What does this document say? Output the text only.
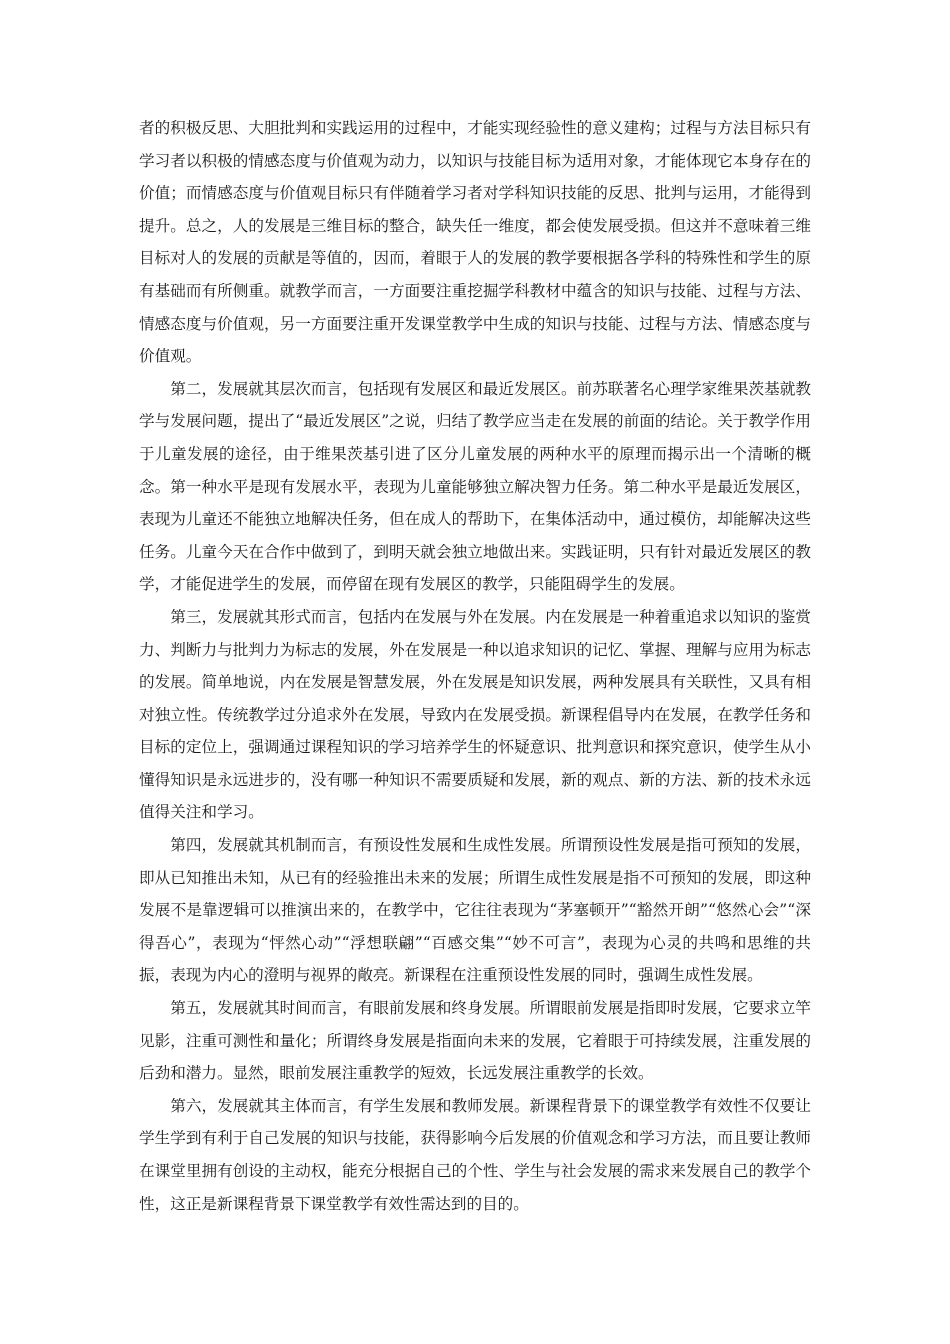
者的积极反思、大胆批判和实践运用的过程中，才能实现经验性的意义建构；过程与方法目标只有学习者以积极的情感态度与价值观为动力，以知识与技能目标为适用对象，才能体现它本身存在的价值；而情感态度与价值观目标只有伴随着学习者对学科知识技能的反思、批判与运用，才能得到提升。总之，人的发展是三维目标的整合，缺失任一维度，都会使发展受损。但这并不意味着三维目标对人的发展的贡献是等值的，因而，着眼于人的发展的教学要根据各学科的特殊性和学生的原有基础而有所侧重。就教学而言，一方面要注重挖掘学科教材中蕴含的知识与技能、过程与方法、情感态度与价值观，另一方面要注重开发课堂教学中生成的知识与技能、过程与方法、情感态度与价值观。

第二，发展就其层次而言，包括现有发展区和最近发展区。前苏联著名心理学家维果茨基就教学与发展问题，提出了“最近发展区”之说，归结了教学应当走在发展的前面的结论。关于教学作用于儿童发展的途径，由于维果茨基引进了区分儿童发展的两种水平的原理而揭示出一个清晰的概念。第一种水平是现有发展水平，表现为儿童能够独立解决智力任务。第二种水平是最近发展区，表现为儿童还不能独立地解决任务，但在成人的帮助下，在集体活动中，通过模仿，却能解决这些任务。儿童今天在合作中做到了，到明天就会独立地做出来。实践证明，只有针对最近发展区的教学，才能促进学生的发展，而停留在现有发展区的教学，只能阻碍学生的发展。

第三，发展就其形式而言，包括内在发展与外在发展。内在发展是一种着重追求以知识的鉴赏力、判断力与批判力为标志的发展，外在发展是一种以追求知识的记忆、掌握、理解与应用为标志的发展。简单地说，内在发展是智慧发展，外在发展是知识发展，两种发展具有关联性，又具有相对独立性。传统教学过分追求外在发展，导致内在发展受损。新课程倡导内在发展，在教学任务和目标的定位上，强调通过课程知识的学习培养学生的怀疑意识、批判意识和探究意识，使学生从小懂得知识是永远进步的，没有哪一种知识不需要质疑和发展，新的观点、新的方法、新的技术永远值得关注和学习。

第四，发展就其机制而言，有预设性发展和生成性发展。所谓预设性发展是指可预知的发展，即从已知推出未知，从已有的经验推出未来的发展；所谓生成性发展是指不可预知的发展，即这种发展不是靠逻辑可以推演出来的，在教学中，它往往表现为“茅塞顿开”“豁然开朗”“悠然心会”“深得吾心”，表现为“怦然心动”“浮想联翩”“百感交集”“妙不可言”，表现为心灵的共鸣和思维的共振，表现为内心的澄明与视界的敞亮。新课程在注重预设性发展的同时，强调生成性发展。

第五，发展就其时间而言，有眼前发展和终身发展。所谓眼前发展是指即时发展，它要求立竿见影，注重可测性和量化；所谓终身发展是指面向未来的发展，它着眼于可持续发展，注重发展的后劲和潜力。显然，眼前发展注重教学的短效，长远发展注重教学的长效。

第六，发展就其主体而言，有学生发展和教师发展。新课程背景下的课堂教学有效性不仅要让学生学到有利于自己发展的知识与技能，获得影响今后发展的价值观念和学习方法，而且要让教师在课堂里拥有创设的主动权，能充分根据自己的个性、学生与社会发展的需求来发展自己的教学个性，这正是新课程背景下课堂教学有效性需达到的目的。
